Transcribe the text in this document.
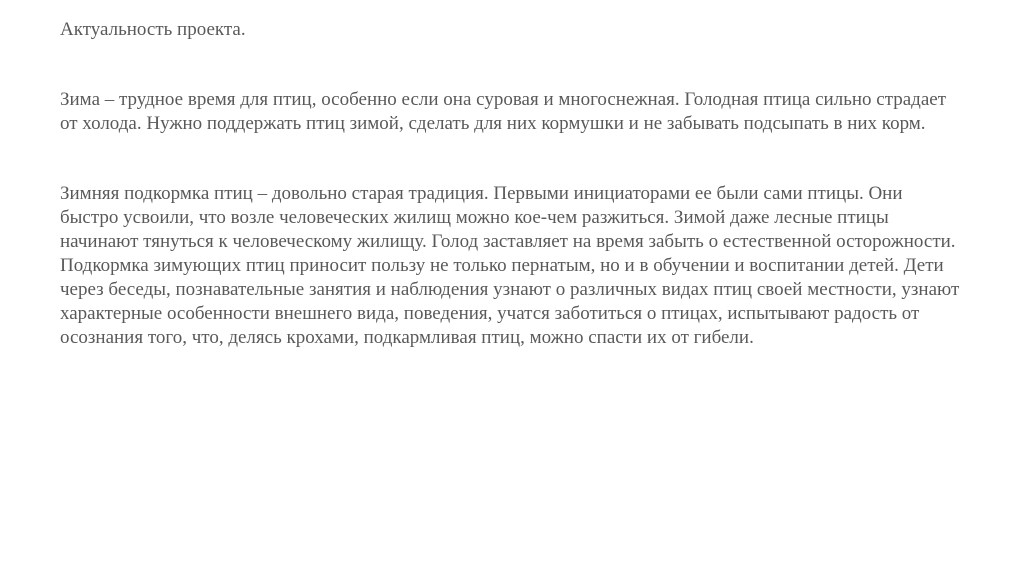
Актуальность проекта.

Зима – трудное время для птиц, особенно если она суровая и многоснежная. Голодная птица сильно страдает от холода. Нужно поддержать птиц зимой, сделать для них кормушки и не забывать подсыпать в них корм.

Зимняя подкормка птиц – довольно старая традиция. Первыми инициаторами ее были сами птицы. Они быстро усвоили, что возле человеческих жилищ можно кое-чем разжиться. Зимой даже лесные птицы начинают тянуться к человеческому жилищу. Голод заставляет на время забыть о естественной осторожности. Подкормка зимующих птиц приносит пользу не только пернатым, но и в обучении и воспитании детей. Дети через беседы, познавательные занятия и наблюдения узнают о различных видах птиц своей местности, узнают характерные особенности внешнего вида, поведения, учатся заботиться о птицах, испытывают радость от осознания того, что, делясь крохами, подкармливая птиц, можно спасти их от гибели.
